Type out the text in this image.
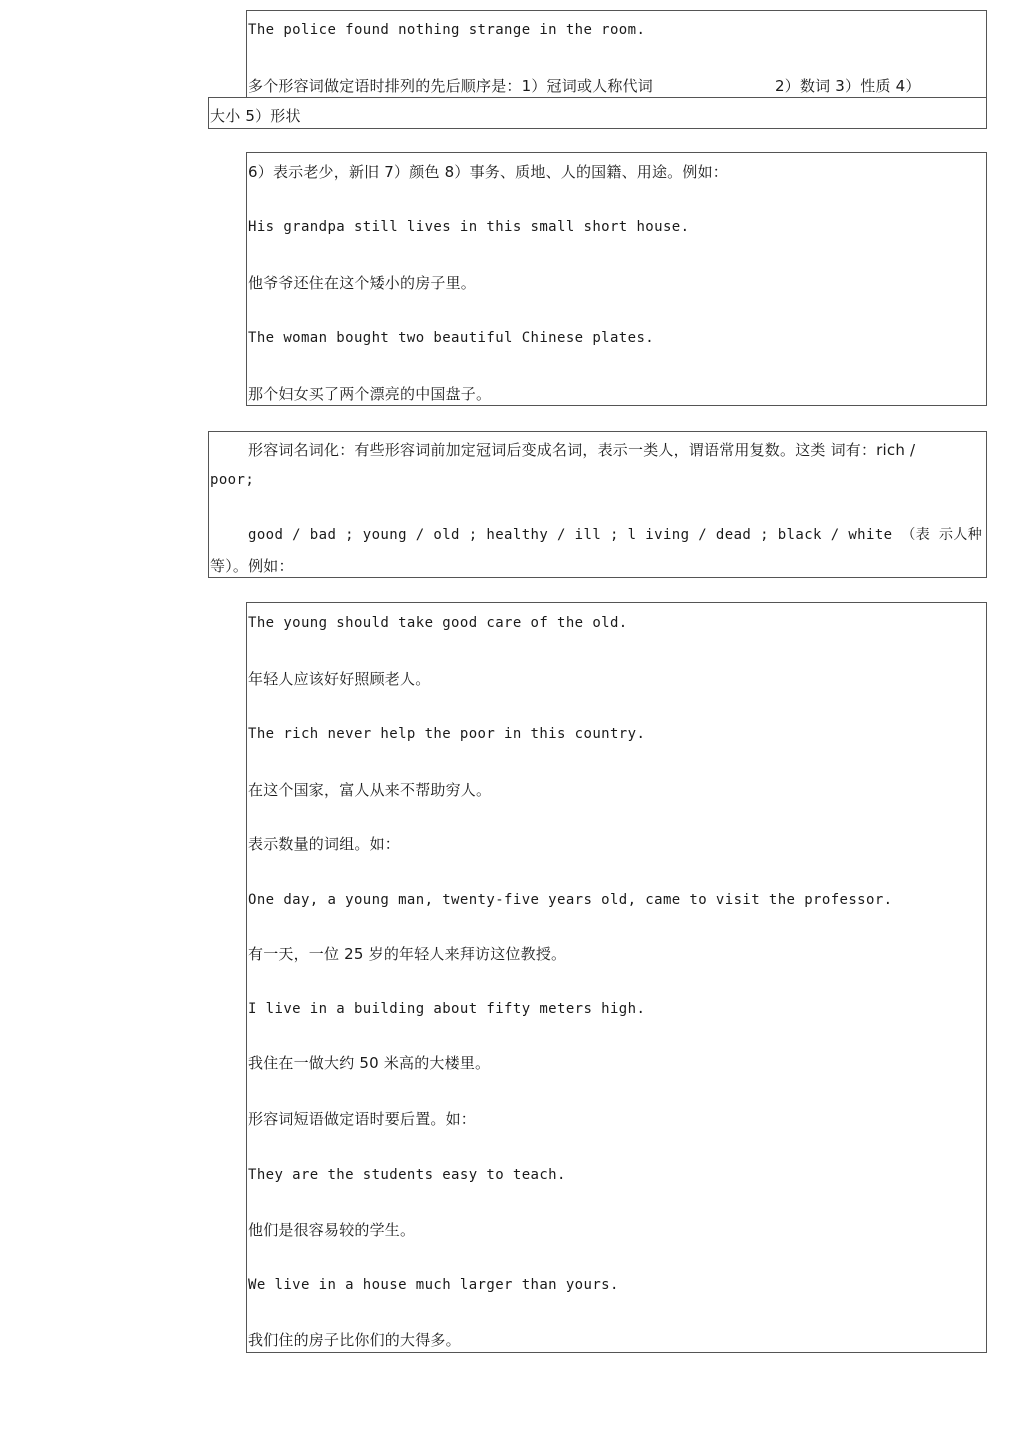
The police found nothing strange in the room.
多个形容词做定语时排列的先后顺序是：1）冠词或人称代词	2）数词 3）性质 4）
大小 5）形状
6）表示老少，新旧 7）颜色 8）事务、质地、人的国籍、用途。例如：
His grandpa still lives in this small short house.
他爷爷还住在这个矮小的房子里。
The woman bought two beautiful Chinese plates.
那个妇女买了两个漂亮的中国盘子。
形容词名词化：有些形容词前加定冠词后变成名词，表示一类人，谓语常用复数。这类 词有：rich /
poor;
good / bad ; young / old ; healthy / ill ; l iving / dead ; black / white （表 示人种
等）。例如：
The young should take good care of the old.
年轻人应该好好照顾老人。
The rich never help the poor in this country.
在这个国家，富人从来不帮助穷人。
表示数量的词组。如：
One day, a young man, twenty-five years old, came to visit the professor.
有一天，一位 25 岁的年轻人来拜访这位教授。
I live in a building about fifty meters high.
我住在一做大约 50 米高的大楼里。
形容词短语做定语时要后置。如：
They are the students easy to teach.
他们是很容易较的学生。
We live in a house much larger than yours.
我们住的房子比你们的大得多。
